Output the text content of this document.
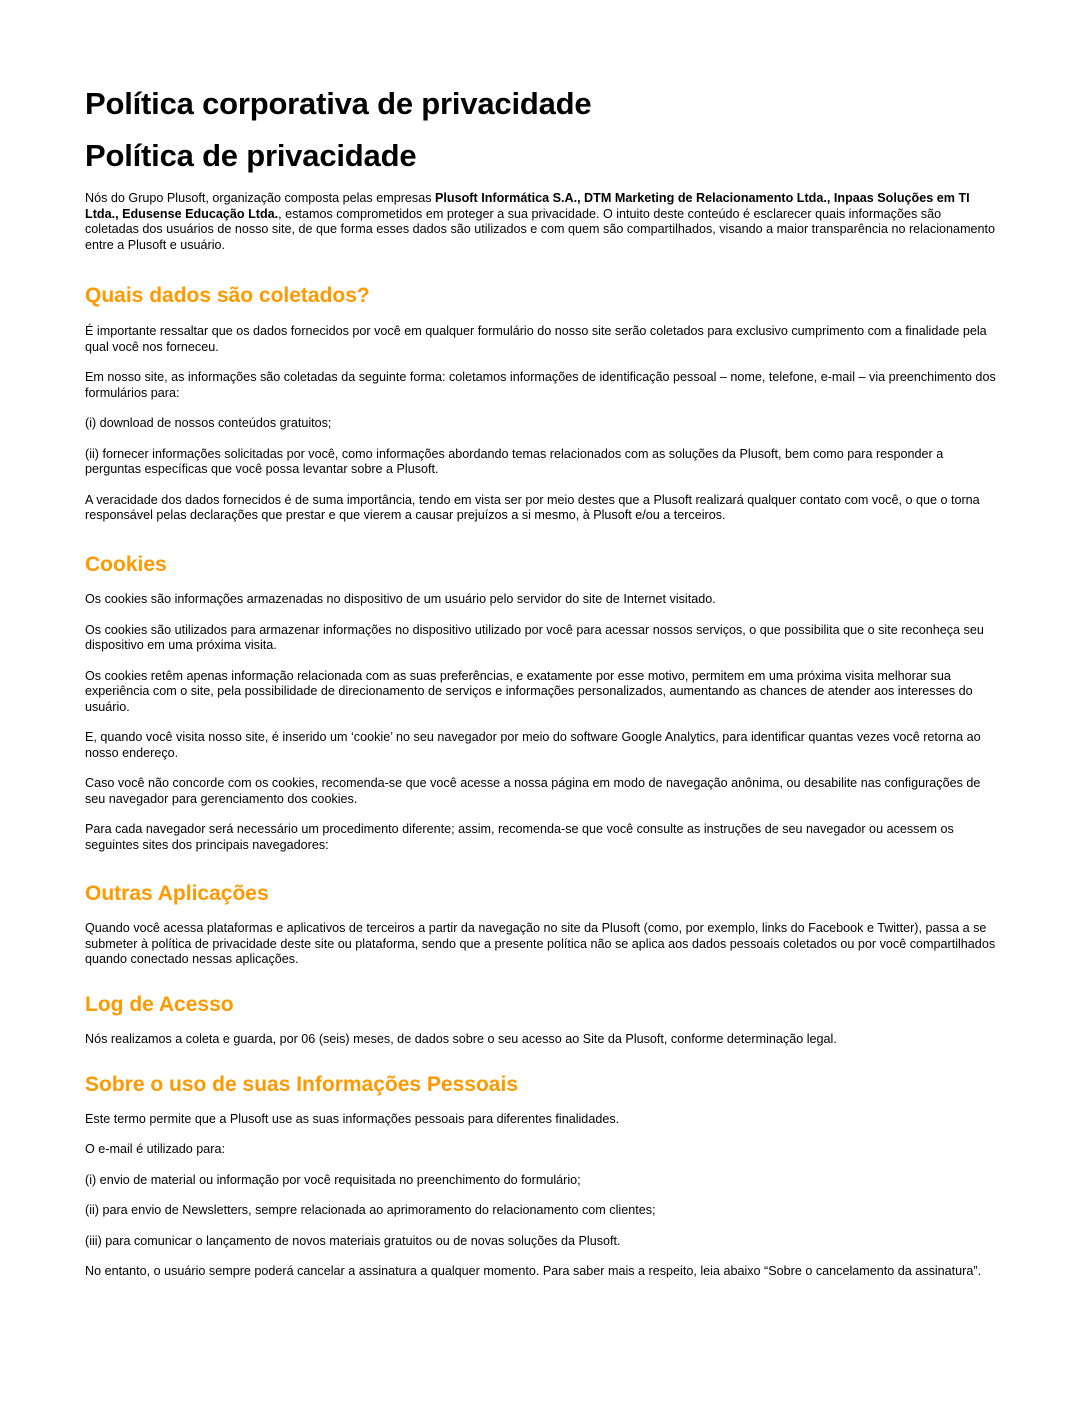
Política corporativa de privacidade
Política de privacidade

Nós do Grupo Plusoft, organização composta pelas empresas Plusoft Informática S.A., DTM Marketing de Relacionamento Ltda., Inpaas Soluções em TI Ltda., Edusense Educação Ltda., estamos comprometidos em proteger a sua privacidade. O intuito deste conteúdo é esclarecer quais informações são coletadas dos usuários de nosso site, de que forma esses dados são utilizados e com quem são compartilhados, visando a maior transparência no relacionamento entre a Plusoft e usuário.

Quais dados são coletados?

É importante ressaltar que os dados fornecidos por você em qualquer formulário do nosso site serão coletados para exclusivo cumprimento com a finalidade pela qual você nos forneceu.

Em nosso site, as informações são coletadas da seguinte forma: coletamos informações de identificação pessoal – nome, telefone, e-mail – via preenchimento dos formulários para:

(i) download de nossos conteúdos gratuitos;

(ii) fornecer informações solicitadas por você, como informações abordando temas relacionados com as soluções da Plusoft, bem como para responder a perguntas específicas que você possa levantar sobre a Plusoft.

A veracidade dos dados fornecidos é de suma importância, tendo em vista ser por meio destes que a Plusoft realizará qualquer contato com você, o que o torna responsável pelas declarações que prestar e que vierem a causar prejuízos a si mesmo, à Plusoft e/ou a terceiros.

Cookies

Os cookies são informações armazenadas no dispositivo de um usuário pelo servidor do site de Internet visitado.

Os cookies são utilizados para armazenar informações no dispositivo utilizado por você para acessar nossos serviços, o que possibilita que o site reconheça seu dispositivo em uma próxima visita.

Os cookies retêm apenas informação relacionada com as suas preferências, e exatamente por esse motivo, permitem em uma próxima visita melhorar sua experiência com o site, pela possibilidade de direcionamento de serviços e informações personalizados, aumentando as chances de atender aos interesses do usuário.

E, quando você visita nosso site, é inserido um ‘cookie’ no seu navegador por meio do software Google Analytics, para identificar quantas vezes você retorna ao nosso endereço.

Caso você não concorde com os cookies, recomenda-se que você acesse a nossa página em modo de navegação anônima, ou desabilite nas configurações de seu navegador para gerenciamento dos cookies.

Para cada navegador será necessário um procedimento diferente; assim, recomenda-se que você consulte as instruções de seu navegador ou acessem os seguintes sites dos principais navegadores:

Outras Aplicações

Quando você acessa plataformas e aplicativos de terceiros a partir da navegação no site da Plusoft (como, por exemplo, links do Facebook e Twitter), passa a se submeter à política de privacidade deste site ou plataforma, sendo que a presente política não se aplica aos dados pessoais coletados ou por você compartilhados quando conectado nessas aplicações.

Log de Acesso

Nós realizamos a coleta e guarda, por 06 (seis) meses, de dados sobre o seu acesso ao Site da Plusoft, conforme determinação legal.

Sobre o uso de suas Informações Pessoais

Este termo permite que a Plusoft use as suas informações pessoais para diferentes finalidades.

O e-mail é utilizado para:

(i) envio de material ou informação por você requisitada no preenchimento do formulário;

(ii) para envio de Newsletters, sempre relacionada ao aprimoramento do relacionamento com clientes;

(iii) para comunicar o lançamento de novos materiais gratuitos ou de novas soluções da Plusoft.

No entanto, o usuário sempre poderá cancelar a assinatura a qualquer momento. Para saber mais a respeito, leia abaixo “Sobre o cancelamento da assinatura”.
